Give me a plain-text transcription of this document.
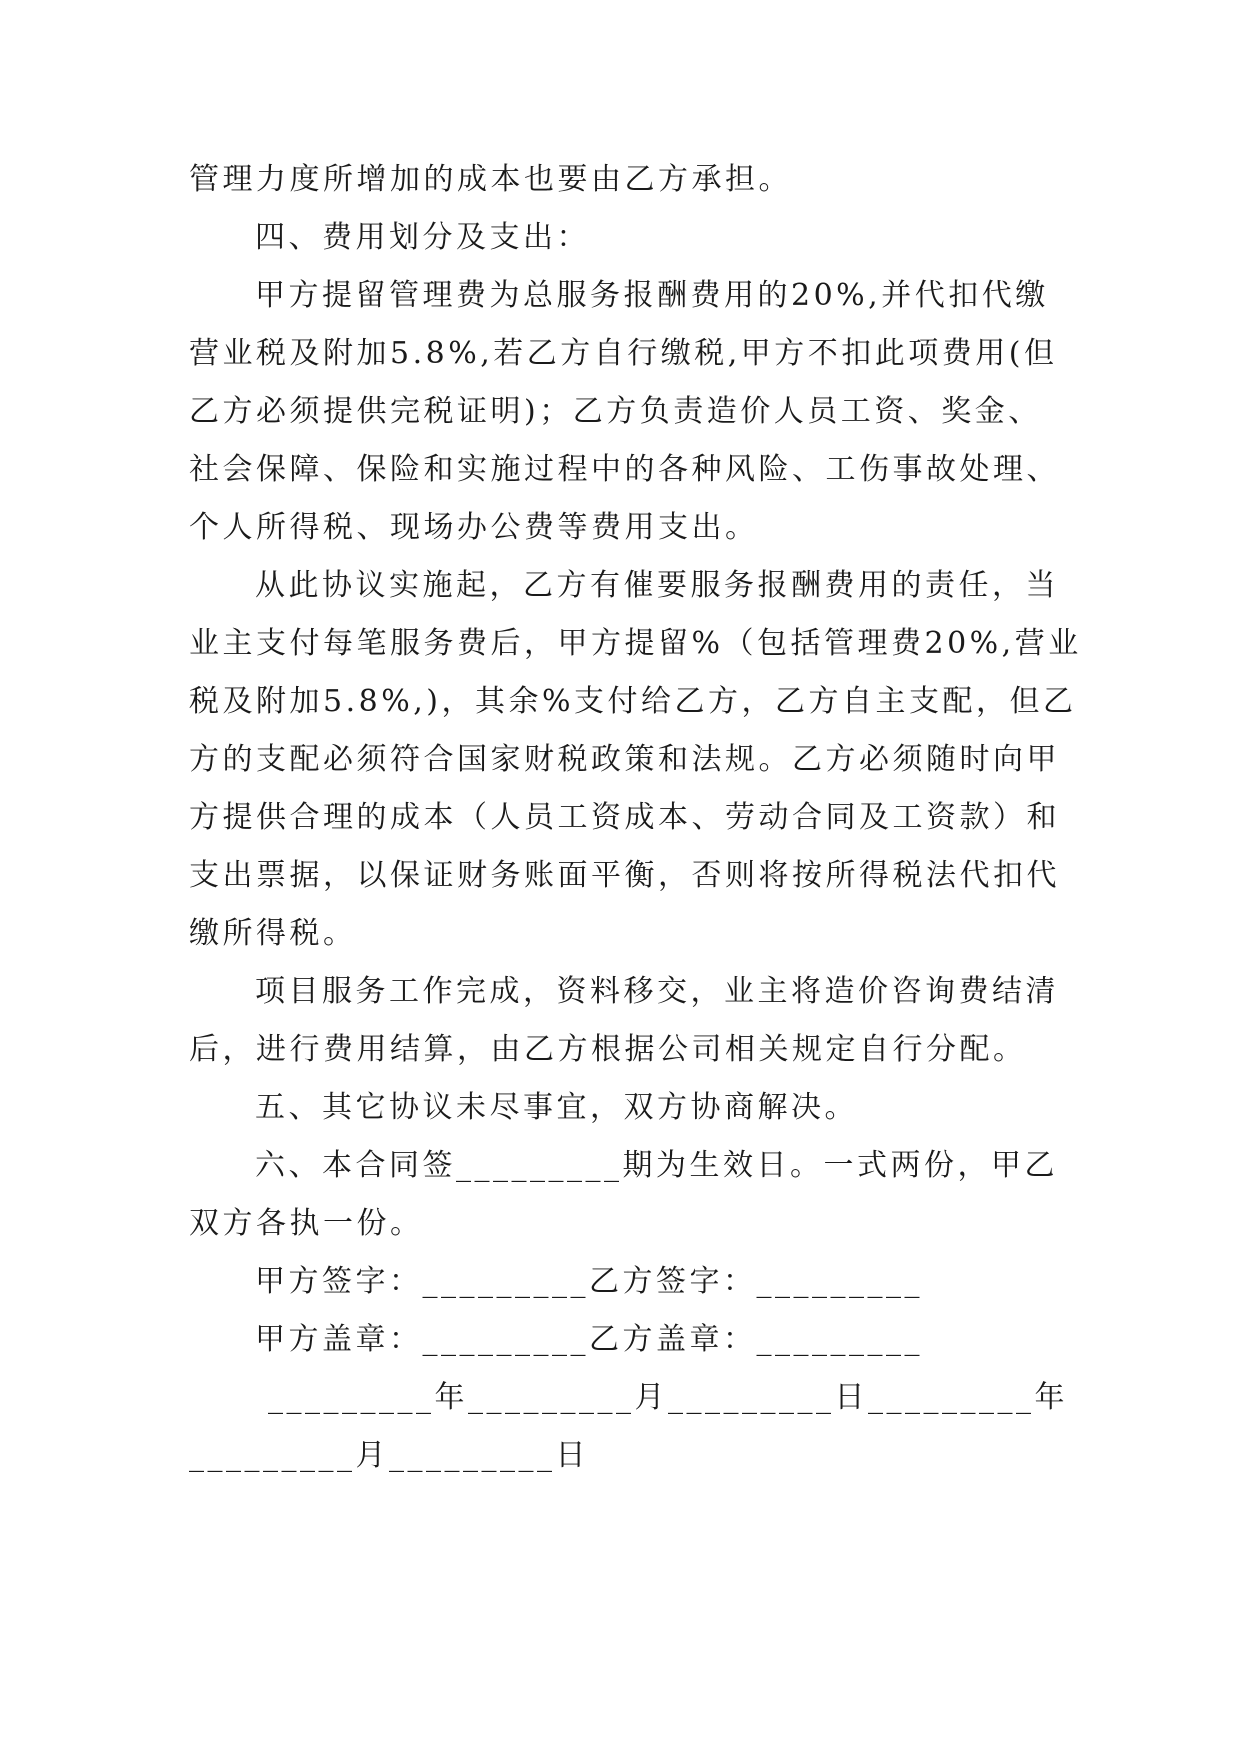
管理力度所增加的成本也要由乙方承担。
四、费用划分及支出：
甲方提留管理费为总服务报酬费用的20%,并代扣代缴
营业税及附加5.8%,若乙方自行缴税,甲方不扣此项费用(但
乙方必须提供完税证明)；乙方负责造价人员工资、奖金、
社会保障、保险和实施过程中的各种风险、工伤事故处理、
个人所得税、现场办公费等费用支出。
从此协议实施起，乙方有催要服务报酬费用的责任，当
业主支付每笔服务费后，甲方提留%（包括管理费20%,营业
税及附加5.8%,)，其余%支付给乙方，乙方自主支配，但乙
方的支配必须符合国家财税政策和法规。乙方必须随时向甲
方提供合理的成本（人员工资成本、劳动合同及工资款）和
支出票据，以保证财务账面平衡，否则将按所得税法代扣代
缴所得税。
项目服务工作完成，资料移交，业主将造价咨询费结清
后，进行费用结算，由乙方根据公司相关规定自行分配。
五、其它协议未尽事宜，双方协商解决。
六、本合同签_________期为生效日。一式两份，甲乙
双方各执一份。
甲方签字：_________乙方签字：_________
甲方盖章：_________乙方盖章：_________
_________年_________月_________日_________年
_________月_________日
